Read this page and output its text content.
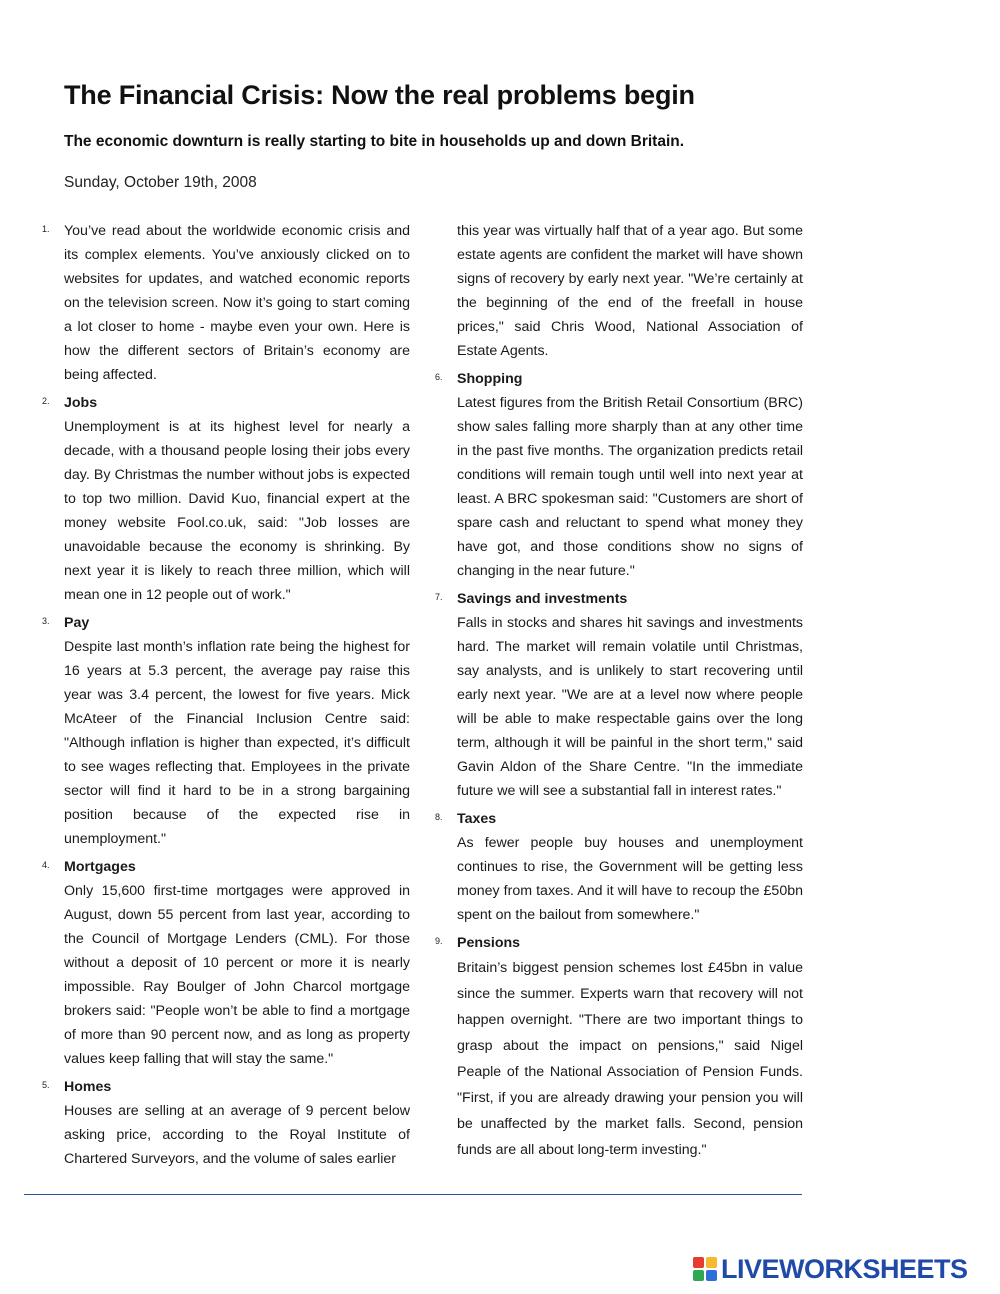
The Financial Crisis: Now the real problems begin

The economic downturn is really starting to bite in households up and down Britain.

Sunday, October 19th, 2008

1. You’ve read about the worldwide economic crisis and its complex elements. You’ve anxiously clicked on to websites for updates, and watched economic reports on the television screen. Now it’s going to start coming a lot closer to home - maybe even your own. Here is how the different sectors of Britain’s economy are being affected.

2. Jobs

Unemployment is at its highest level for nearly a decade, with a thousand people losing their jobs every day. By Christmas the number without jobs is expected to top two million. David Kuo, financial expert at the money website Fool.co.uk, said: "Job losses are unavoidable because the economy is shrinking. By next year it is likely to reach three million, which will mean one in 12 people out of work."

3. Pay

Despite last month’s inflation rate being the highest for 16 years at 5.3 percent, the average pay raise this year was 3.4 percent, the lowest for five years. Mick McAteer of the Financial Inclusion Centre said: "Although inflation is higher than expected, it’s difficult to see wages reflecting that. Employees in the private sector will find it hard to be in a strong bargaining position because of the expected rise in unemployment."

4. Mortgages

Only 15,600 first-time mortgages were approved in August, down 55 percent from last year, according to the Council of Mortgage Lenders (CML). For those without a deposit of 10 percent or more it is nearly impossible. Ray Boulger of John Charcol mortgage brokers said: "People won’t be able to find a mortgage of more than 90 percent now, and as long as property values keep falling that will stay the same."

5. Homes

Houses are selling at an average of 9 percent below asking price, according to the Royal Institute of Chartered Surveyors, and the volume of sales earlier

this year was virtually half that of a year ago. But some estate agents are confident the market will have shown signs of recovery by early next year. "We’re certainly at the beginning of the end of the freefall in house prices," said Chris Wood, National Association of Estate Agents.

6. Shopping

Latest figures from the British Retail Consortium (BRC) show sales falling more sharply than at any other time in the past five months. The organization predicts retail conditions will remain tough until well into next year at least. A BRC spokesman said: "Customers are short of spare cash and reluctant to spend what money they have got, and those conditions show no signs of changing in the near future."

7. Savings and investments

Falls in stocks and shares hit savings and investments hard. The market will remain volatile until Christmas, say analysts, and is unlikely to start recovering until early next year. "We are at a level now where people will be able to make respectable gains over the long term, although it will be painful in the short term," said Gavin Aldon of the Share Centre. "In the immediate future we will see a substantial fall in interest rates."

8. Taxes

As fewer people buy houses and unemployment continues to rise, the Government will be getting less money from taxes. And it will have to recoup the £50bn spent on the bailout from somewhere."

9. Pensions

Britain’s biggest pension schemes lost £45bn in value since the summer. Experts warn that recovery will not happen overnight. "There are two important things to grasp about the impact on pensions," said Nigel Peaple of the National Association of Pension Funds. "First, if you are already drawing your pension you will be unaffected by the market falls. Second, pension funds are all about long-term investing."

LIVEWORKSHEETS
